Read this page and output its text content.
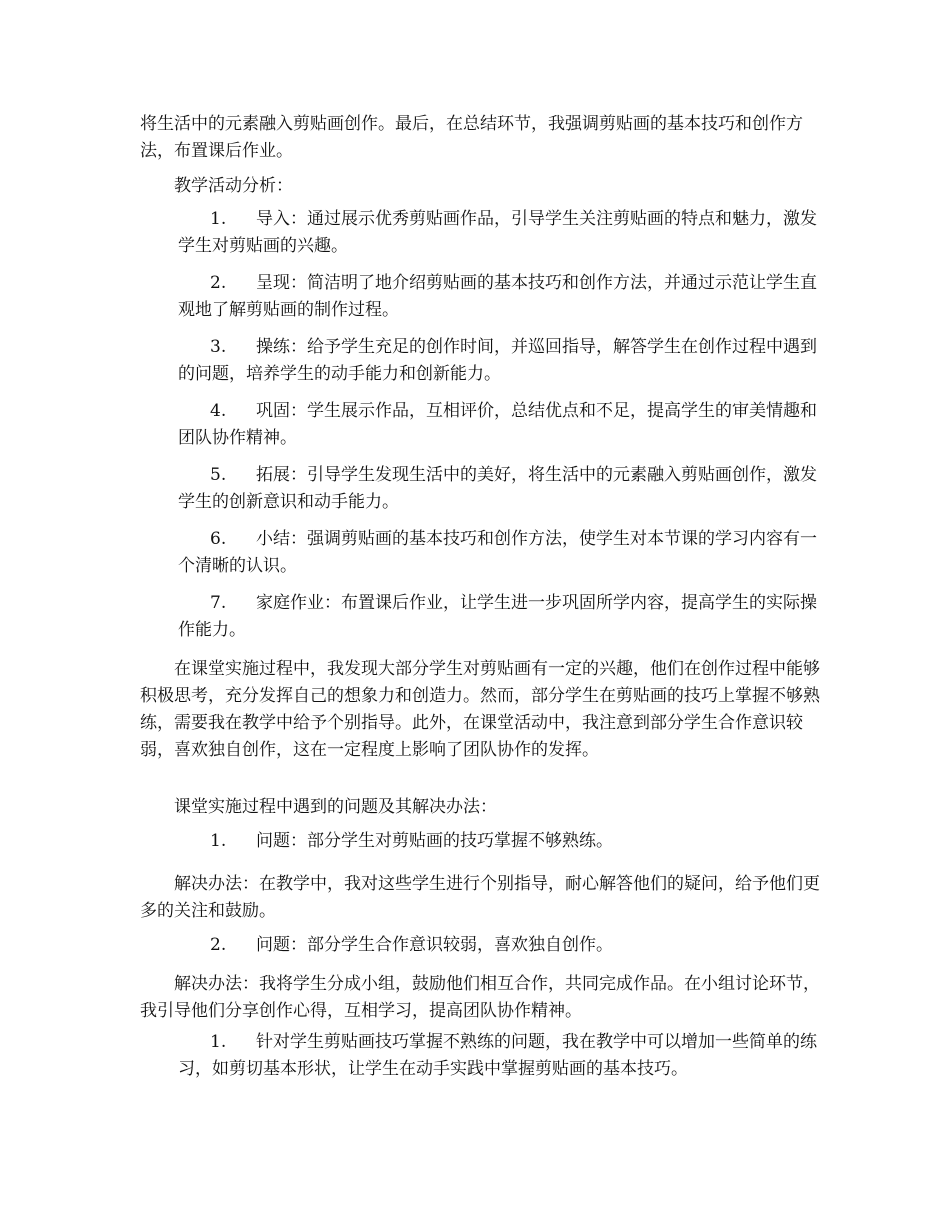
将生活中的元素融入剪贴画创作。最后，在总结环节，我强调剪贴画的基本技巧和创作方法，布置课后作业。

教学活动分析：

1. 导入：通过展示优秀剪贴画作品，引导学生关注剪贴画的特点和魅力，激发学生对剪贴画的兴趣。

2. 呈现：简洁明了地介绍剪贴画的基本技巧和创作方法，并通过示范让学生直观地了解剪贴画的制作过程。

3. 操练：给予学生充足的创作时间，并巡回指导，解答学生在创作过程中遇到的问题，培养学生的动手能力和创新能力。

4. 巩固：学生展示作品，互相评价，总结优点和不足，提高学生的审美情趣和团队协作精神。

5. 拓展：引导学生发现生活中的美好，将生活中的元素融入剪贴画创作，激发学生的创新意识和动手能力。

6. 小结：强调剪贴画的基本技巧和创作方法，使学生对本节课的学习内容有一个清晰的认识。

7. 家庭作业：布置课后作业，让学生进一步巩固所学内容，提高学生的实际操作能力。

在课堂实施过程中，我发现大部分学生对剪贴画有一定的兴趣，他们在创作过程中能够积极思考，充分发挥自己的想象力和创造力。然而，部分学生在剪贴画的技巧上掌握不够熟练，需要我在教学中给予个别指导。此外，在课堂活动中，我注意到部分学生合作意识较弱，喜欢独自创作，这在一定程度上影响了团队协作的发挥。

课堂实施过程中遇到的问题及其解决办法：

1. 问题：部分学生对剪贴画的技巧掌握不够熟练。

解决办法：在教学中，我对这些学生进行个别指导，耐心解答他们的疑问，给予他们更多的关注和鼓励。

2. 问题：部分学生合作意识较弱，喜欢独自创作。

解决办法：我将学生分成小组，鼓励他们相互合作，共同完成作品。在小组讨论环节，我引导他们分享创作心得，互相学习，提高团队协作精神。

1. 针对学生剪贴画技巧掌握不熟练的问题，我在教学中可以增加一些简单的练习，如剪切基本形状，让学生在动手实践中掌握剪贴画的基本技巧。
